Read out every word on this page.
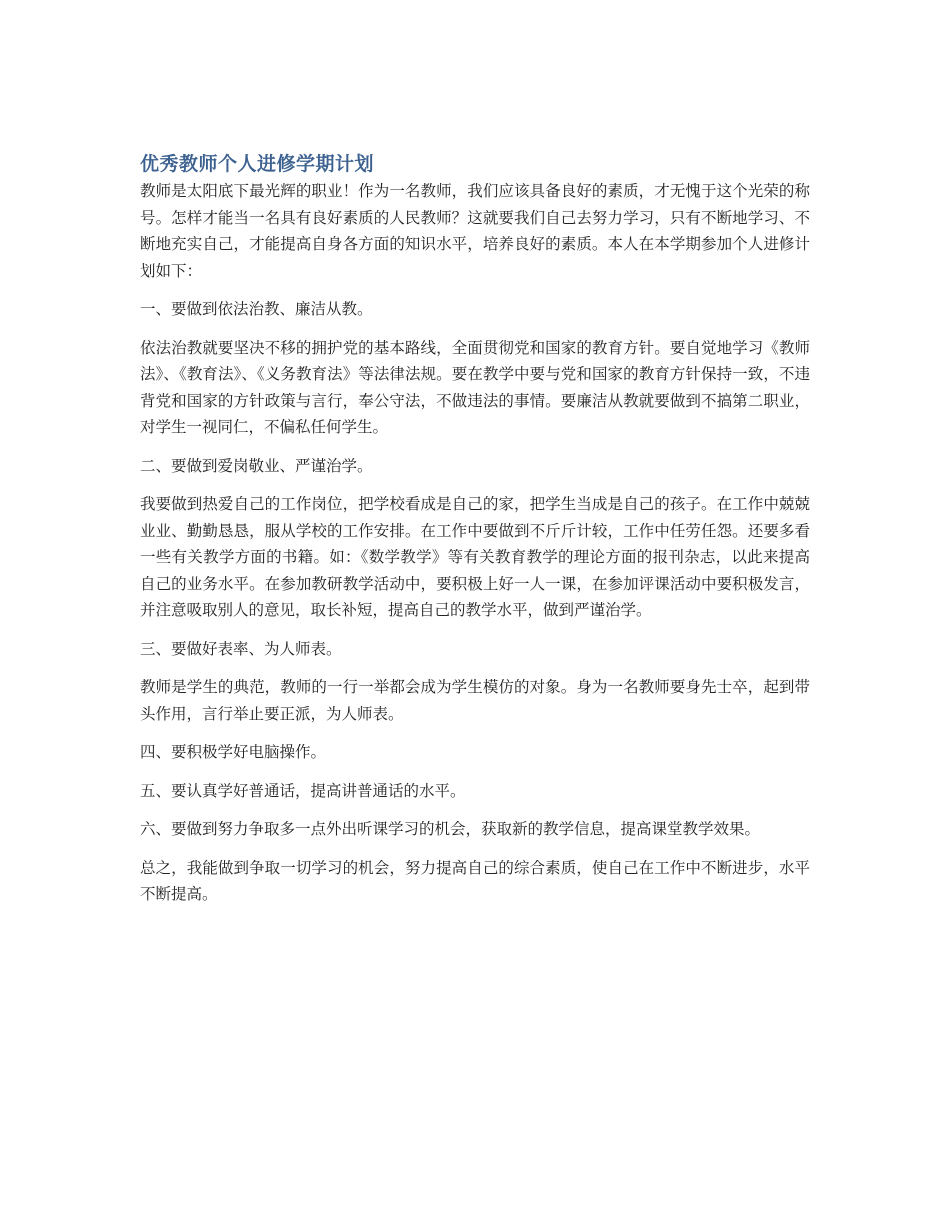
优秀教师个人进修学期计划

教师是太阳底下最光辉的职业！作为一名教师，我们应该具备良好的素质，才无愧于这个光荣的称号。怎样才能当一名具有良好素质的人民教师？这就要我们自己去努力学习，只有不断地学习、不断地充实自己，才能提高自身各方面的知识水平，培养良好的素质。本人在本学期参加个人进修计划如下：

一、要做到依法治教、廉洁从教。

依法治教就要坚决不移的拥护党的基本路线，全面贯彻党和国家的教育方针。要自觉地学习《教师法》、《教育法》、《义务教育法》等法律法规。要在教学中要与党和国家的教育方针保持一致，不违背党和国家的方针政策与言行，奉公守法，不做违法的事情。要廉洁从教就要做到不搞第二职业，对学生一视同仁，不偏私任何学生。

二、要做到爱岗敬业、严谨治学。

我要做到热爱自己的工作岗位，把学校看成是自己的家，把学生当成是自己的孩子。在工作中兢兢业业、勤勤恳恳，服从学校的工作安排。在工作中要做到不斤斤计较，工作中任劳任怨。还要多看一些有关教学方面的书籍。如：《数学教学》等有关教育教学的理论方面的报刊杂志，以此来提高自己的业务水平。在参加教研教学活动中，要积极上好一人一课，在参加评课活动中要积极发言，并注意吸取别人的意见，取长补短，提高自己的教学水平，做到严谨治学。

三、要做好表率、为人师表。

教师是学生的典范，教师的一行一举都会成为学生模仿的对象。身为一名教师要身先士卒，起到带头作用，言行举止要正派，为人师表。

四、要积极学好电脑操作。

五、要认真学好普通话，提高讲普通话的水平。

六、要做到努力争取多一点外出听课学习的机会，获取新的教学信息，提高课堂教学效果。

总之，我能做到争取一切学习的机会，努力提高自己的综合素质，使自己在工作中不断进步，水平不断提高。
